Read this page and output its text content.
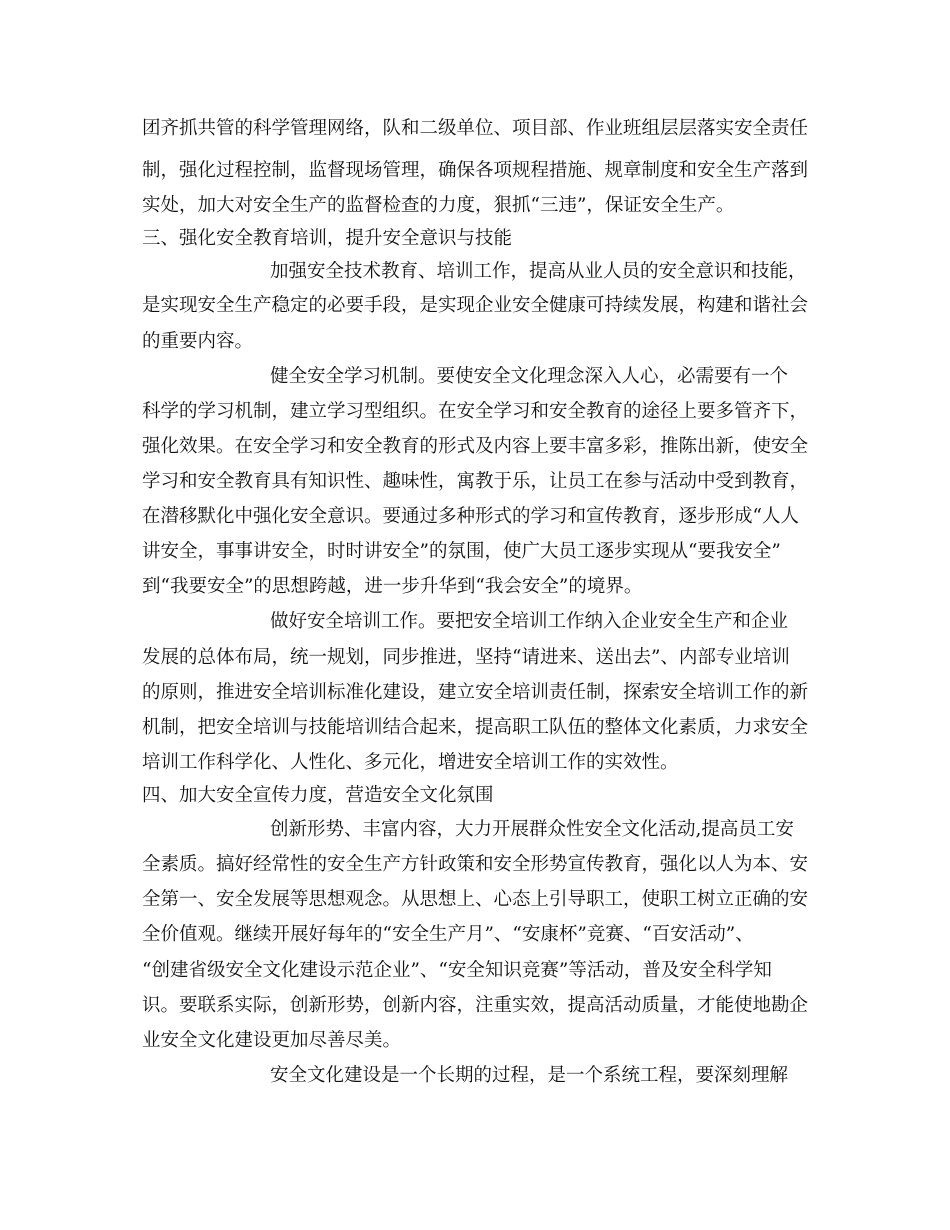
团齐抓共管的科学管理网络，队和二级单位、项目部、作业班组层层落实安全责任
制，强化过程控制，监督现场管理，确保各项规程措施、规章制度和安全生产落到
实处，加大对安全生产的监督检查的力度，狠抓“三违”，保证安全生产。
三、强化安全教育培训，提升安全意识与技能
加强安全技术教育、培训工作，提高从业人员的安全意识和技能，
是实现安全生产稳定的必要手段，是实现企业安全健康可持续发展，构建和谐社会
的重要内容。
健全安全学习机制。要使安全文化理念深入人心，必需要有一个
科学的学习机制，建立学习型组织。在安全学习和安全教育的途径上要多管齐下，
强化效果。在安全学习和安全教育的形式及内容上要丰富多彩，推陈出新，使安全
学习和安全教育具有知识性、趣味性，寓教于乐，让员工在参与活动中受到教育，
在潜移默化中强化安全意识。要通过多种形式的学习和宣传教育，逐步形成“人人
讲安全，事事讲安全，时时讲安全”的氛围，使广大员工逐步实现从“要我安全”
到“我要安全”的思想跨越，进一步升华到“我会安全”的境界。
做好安全培训工作。要把安全培训工作纳入企业安全生产和企业
发展的总体布局，统一规划，同步推进，坚持“请进来、送出去”、内部专业培训
的原则，推进安全培训标准化建设，建立安全培训责任制，探索安全培训工作的新
机制，把安全培训与技能培训结合起来，提高职工队伍的整体文化素质，力求安全
培训工作科学化、人性化、多元化，增进安全培训工作的实效性。
四、加大安全宣传力度，营造安全文化氛围
创新形势、丰富内容，大力开展群众性安全文化活动,提高员工安
全素质。搞好经常性的安全生产方针政策和安全形势宣传教育，强化以人为本、安
全第一、安全发展等思想观念。从思想上、心态上引导职工，使职工树立正确的安
全价值观。继续开展好每年的“安全生产月”、“安康杯”竞赛、“百安活动”、
“创建省级安全文化建设示范企业”、“安全知识竞赛”等活动，普及安全科学知
识。要联系实际，创新形势，创新内容，注重实效，提高活动质量，才能使地勘企
业安全文化建设更加尽善尽美。
安全文化建设是一个长期的过程，是一个系统工程，要深刻理解
